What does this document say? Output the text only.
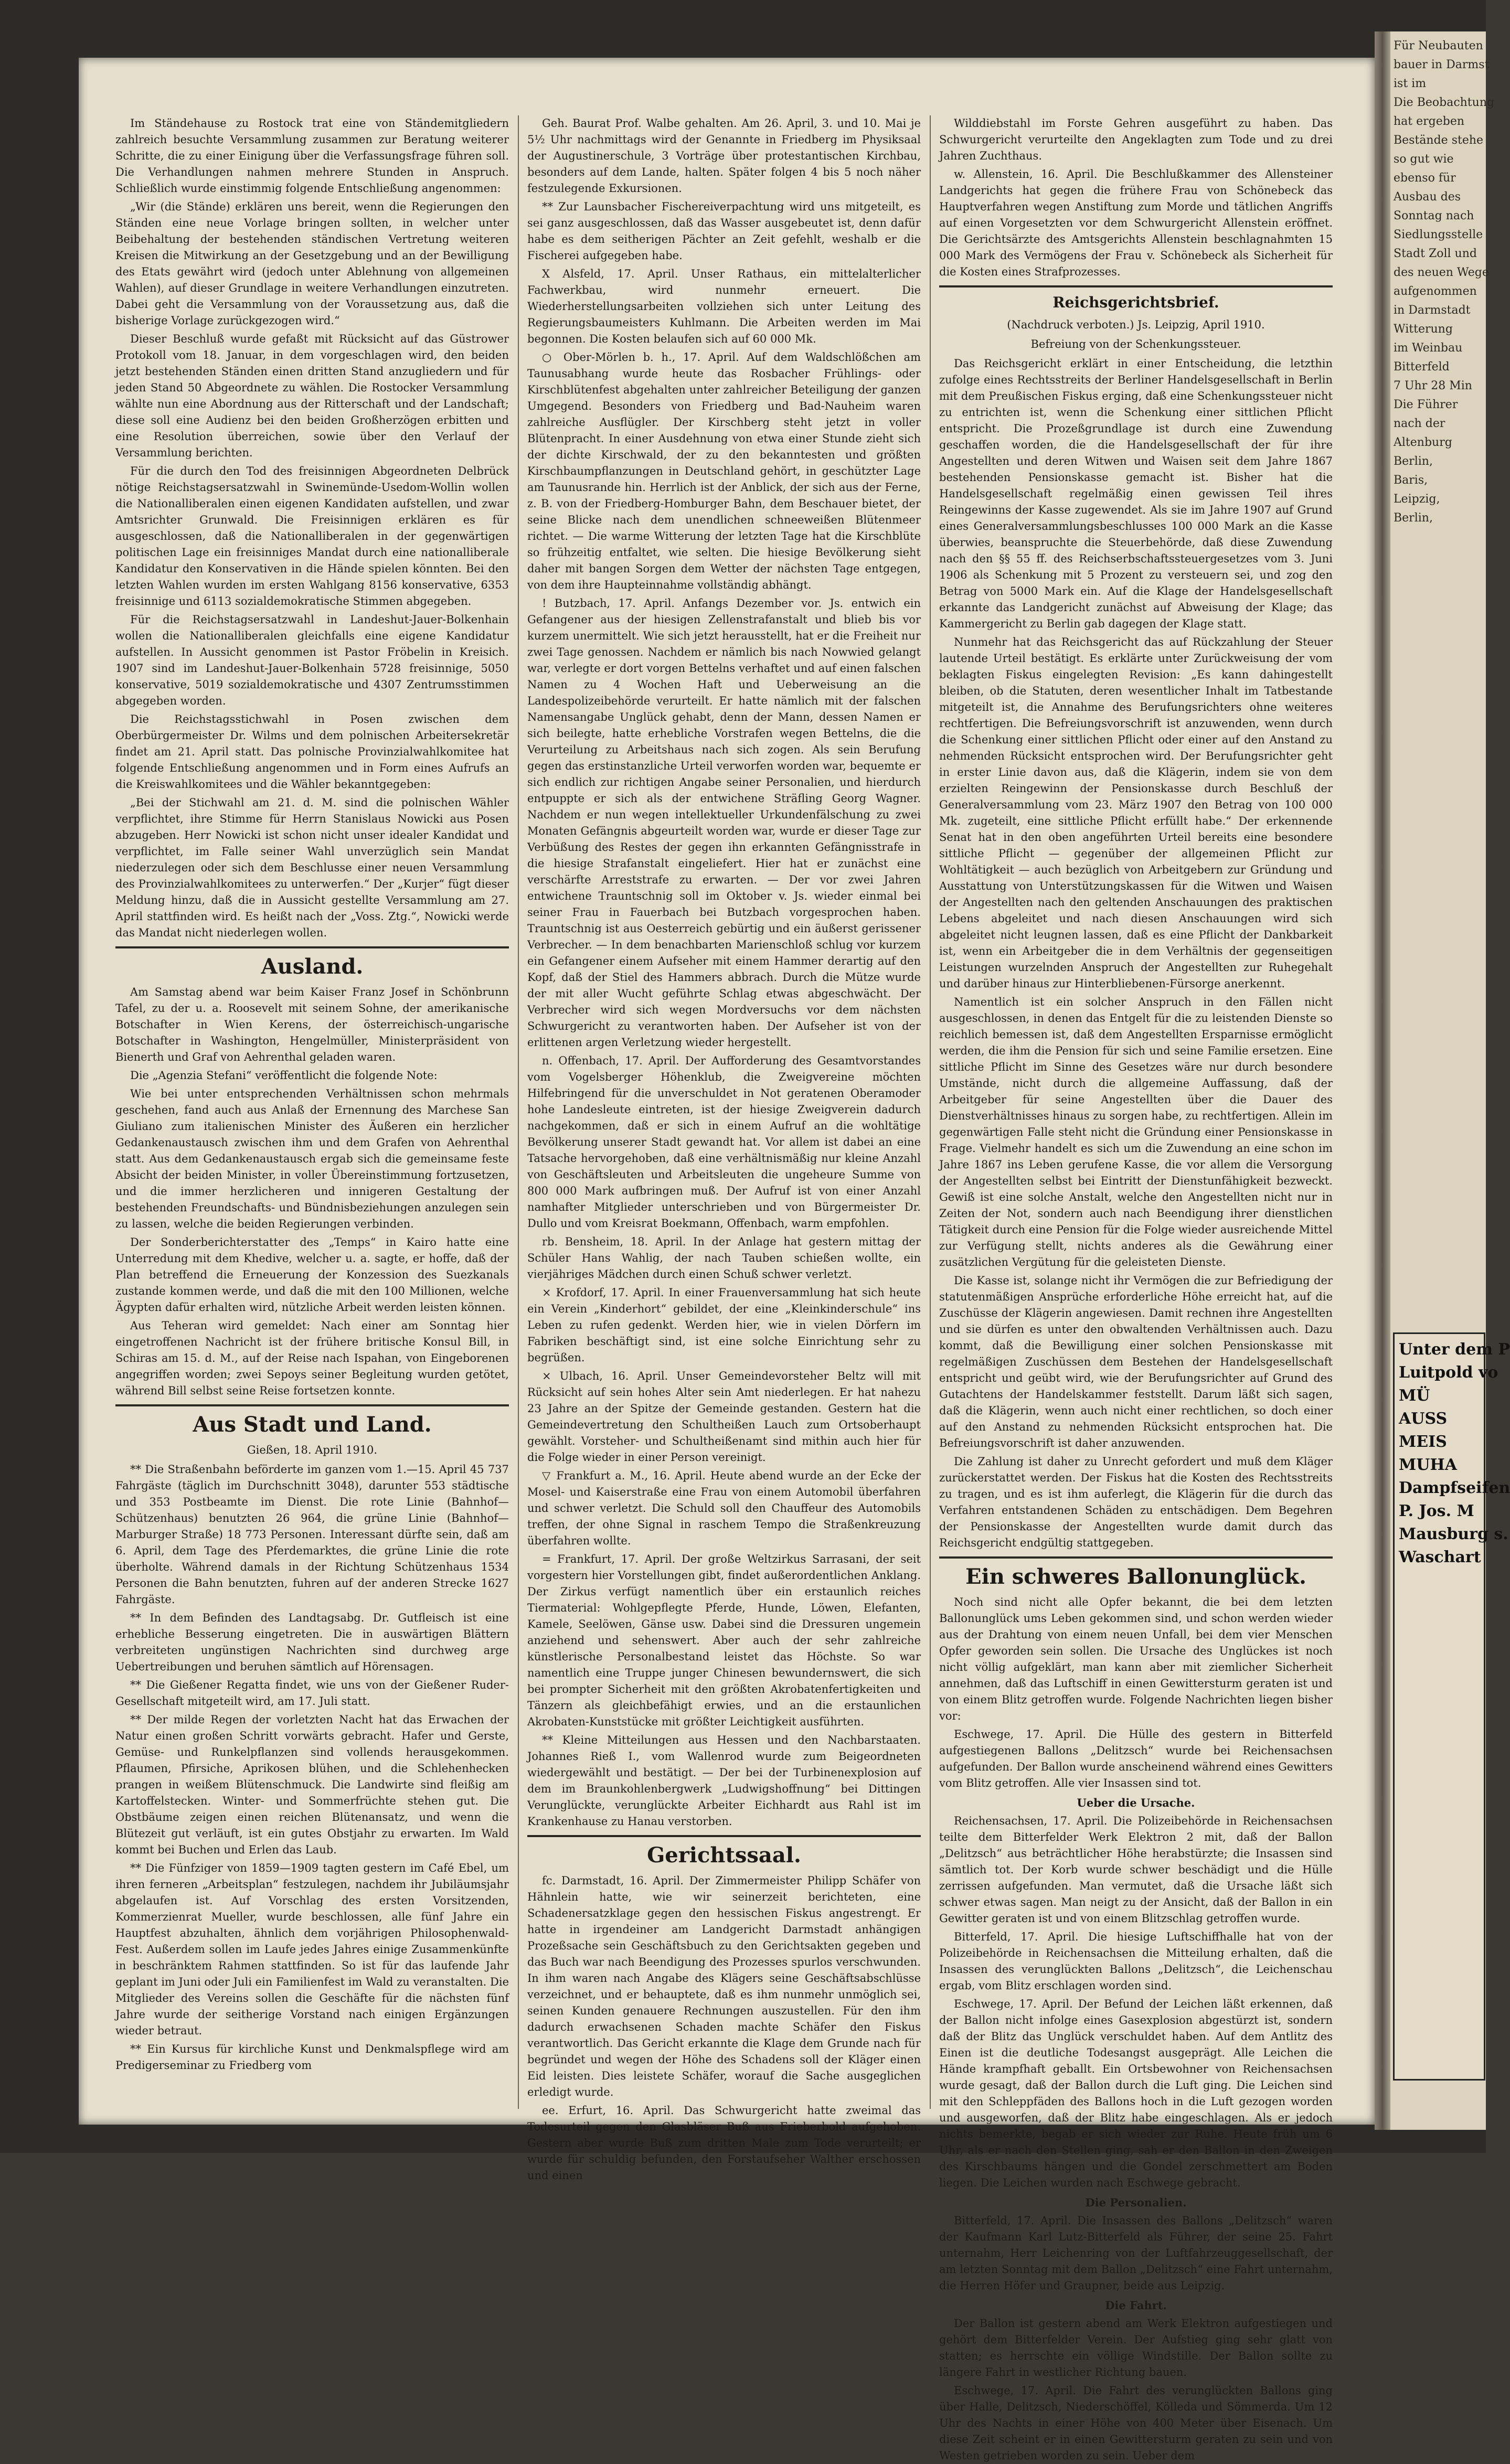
Im Ständehause zu Rostock trat eine von Ständemitgliedern zahlreich besuchte Versammlung zusammen zur Beratung weiterer Schritte, die zu einer Einigung über die Verfassungsfrage führen soll. Die Verhandlungen nahmen mehrere Stunden in Anspruch. Schließlich wurde einstimmig folgende Entschließung angenommen:

„Wir (die Stände) erklären uns bereit, wenn die Regierungen den Ständen eine neue Vorlage bringen sollten, in welcher unter Beibehaltung der bestehenden ständischen Vertretung weiteren Kreisen die Mitwirkung an der Gesetzgebung und an der Bewilligung des Etats gewährt wird (jedoch unter Ablehnung von allgemeinen Wahlen), auf dieser Grundlage in weitere Verhandlungen einzutreten. Dabei geht die Versammlung von der Voraussetzung aus, daß die bisherige Vorlage zurückgezogen wird.“

Dieser Beschluß wurde gefaßt mit Rücksicht auf das Güstrower Protokoll vom 18. Januar, in dem vorgeschlagen wird, den beiden jetzt bestehenden Ständen einen dritten Stand anzugliedern und für jeden Stand 50 Abgeordnete zu wählen. Die Rostocker Versammlung wählte nun eine Abordnung aus der Ritterschaft und der Landschaft; diese soll eine Audienz bei den beiden Großherzögen erbitten und eine Resolution überreichen, sowie über den Verlauf der Versammlung berichten.

Für die durch den Tod des freisinnigen Abgeordneten Delbrück nötige Reichstagsersatzwahl in Swinemünde-Usedom-Wollin wollen die Nationalliberalen einen eigenen Kandidaten aufstellen, und zwar Amtsrichter Grunwald. Die Freisinnigen erklären es für ausgeschlossen, daß die Nationalliberalen in der gegenwärtigen politischen Lage ein freisinniges Mandat durch eine nationalliberale Kandidatur den Konservativen in die Hände spielen könnten. Bei den letzten Wahlen wurden im ersten Wahlgang 8156 konservative, 6353 freisinnige und 6113 sozialdemokratische Stimmen abgegeben.

Für die Reichstagsersatzwahl in Landeshut-Jauer-Bolkenhain wollen die Nationalliberalen gleichfalls eine eigene Kandidatur aufstellen. In Aussicht genommen ist Pastor Fröbelin in Kreisich. 1907 sind im Landeshut-Jauer-Bolkenhain 5728 freisinnige, 5050 konservative, 5019 sozialdemokratische und 4307 Zentrumsstimmen abgegeben worden.

Die Reichstagsstichwahl in Posen zwischen dem Oberbürgermeister Dr. Wilms und dem polnischen Arbeitersekretär findet am 21. April statt. Das polnische Provinzialwahlkomitee hat folgende Entschließung angenommen und in Form eines Aufrufs an die Kreiswahlkomitees und die Wähler bekanntgegeben:

„Bei der Stichwahl am 21. d. M. sind die polnischen Wähler verpflichtet, ihre Stimme für Herrn Stanislaus Nowicki aus Posen abzugeben. Herr Nowicki ist schon nicht unser idealer Kandidat und verpflichtet, im Falle seiner Wahl unverzüglich sein Mandat niederzulegen oder sich dem Beschlusse einer neuen Versammlung des Provinzialwahlkomitees zu unterwerfen.“ Der „Kurjer“ fügt dieser Meldung hinzu, daß die in Aussicht gestellte Versammlung am 27. April stattfinden wird. Es heißt nach der „Voss. Ztg.“, Nowicki werde das Mandat nicht niederlegen wollen.

Ausland.

Am Samstag abend war beim Kaiser Franz Josef in Schönbrunn Tafel, zu der u. a. Roosevelt mit seinem Sohne, der amerikanische Botschafter in Wien Kerens, der österreichisch-ungarische Botschafter in Washington, Hengelmüller, Ministerpräsident von Bienerth und Graf von Aehrenthal geladen waren.

Die „Agenzia Stefani“ veröffentlicht die folgende Note:

Wie bei unter entsprechenden Verhältnissen schon mehrmals geschehen, fand auch aus Anlaß der Ernennung des Marchese San Giuliano zum italienischen Minister des Äußeren ein herzlicher Gedankenaustausch zwischen ihm und dem Grafen von Aehrenthal statt. Aus dem Gedankenaustausch ergab sich die gemeinsame feste Absicht der beiden Minister, in voller Übereinstimmung fortzusetzen, und die immer herzlicheren und innigeren Gestaltung der bestehenden Freundschafts- und Bündnisbeziehungen anzulegen sein zu lassen, welche die beiden Regierungen verbinden.

Der Sonderberichterstatter des „Temps“ in Kairo hatte eine Unterredung mit dem Khedive, welcher u. a. sagte, er hoffe, daß der Plan betreffend die Erneuerung der Konzession des Suezkanals zustande kommen werde, und daß die mit den 100 Millionen, welche Ägypten dafür erhalten wird, nützliche Arbeit werden leisten können.

Aus Teheran wird gemeldet: Nach einer am Sonntag hier eingetroffenen Nachricht ist der frühere britische Konsul Bill, in Schiras am 15. d. M., auf der Reise nach Ispahan, von Eingeborenen angegriffen worden; zwei Sepoys seiner Begleitung wurden getötet, während Bill selbst seine Reise fortsetzen konnte.

Aus Stadt und Land.
Gießen, 18. April 1910.

** Die Straßenbahn beförderte im ganzen vom 1.—15. April 45 737 Fahrgäste (täglich im Durchschnitt 3048), darunter 553 städtische und 353 Postbeamte im Dienst. Die rote Linie (Bahnhof—Schützenhaus) benutzten 26 964, die grüne Linie (Bahnhof—Marburger Straße) 18 773 Personen. Interessant dürfte sein, daß am 6. April, dem Tage des Pferdemarktes, die grüne Linie die rote überholte. Während damals in der Richtung Schützenhaus 1534 Personen die Bahn benutzten, fuhren auf der anderen Strecke 1627 Fahrgäste.

** In dem Befinden des Landtagsabg. Dr. Gutfleisch ist eine erhebliche Besserung eingetreten. Die in auswärtigen Blättern verbreiteten ungünstigen Nachrichten sind durchweg arge Uebertreibungen und beruhen sämtlich auf Hörensagen.

** Die Gießener Regatta findet, wie uns von der Gießener Ruder-Gesellschaft mitgeteilt wird, am 17. Juli statt.

** Der milde Regen der vorletzten Nacht hat das Erwachen der Natur einen großen Schritt vorwärts gebracht. Hafer und Gerste, Gemüse- und Runkelpflanzen sind vollends herausgekommen. Pflaumen, Pfirsiche, Aprikosen blühen, und die Schlehenhecken prangen in weißem Blütenschmuck. Die Landwirte sind fleißig am Kartoffelstecken. Winter- und Sommerfrüchte stehen gut. Die Obstbäume zeigen einen reichen Blütenansatz, und wenn die Blütezeit gut verläuft, ist ein gutes Obstjahr zu erwarten. Im Wald kommt bei Buchen und Erlen das Laub.

** Die Fünfziger von 1859—1909 tagten gestern im Café Ebel, um ihren ferneren „Arbeitsplan“ festzulegen, nachdem ihr Jubiläumsjahr abgelaufen ist. Auf Vorschlag des ersten Vorsitzenden, Kommerzienrat Mueller, wurde beschlossen, alle fünf Jahre ein Hauptfest abzuhalten, ähnlich dem vorjährigen Philosophenwald-Fest. Außerdem sollen im Laufe jedes Jahres einige Zusammenkünfte in beschränktem Rahmen stattfinden. So ist für das laufende Jahr geplant im Juni oder Juli ein Familienfest im Wald zu veranstalten. Die Mitglieder des Vereins sollen die Geschäfte für die nächsten fünf Jahre wurde der seitherige Vorstand nach einigen Ergänzungen wieder betraut.

** Ein Kursus für kirchliche Kunst und Denkmalspflege wird am Predigerseminar zu Friedberg vom

Geh. Baurat Prof. Walbe gehalten. Am 26. April, 3. und 10. Mai je 5½ Uhr nachmittags wird der Genannte in Friedberg im Physiksaal der Augustinerschule, 3 Vorträge über protestantischen Kirchbau, besonders auf dem Lande, halten. Später folgen 4 bis 5 noch näher festzulegende Exkursionen.

** Zur Launsbacher Fischereiverpachtung wird uns mitgeteilt, es sei ganz ausgeschlossen, daß das Wasser ausgebeutet ist, denn dafür habe es dem seitherigen Pächter an Zeit gefehlt, weshalb er die Fischerei aufgegeben habe.

X Alsfeld, 17. April. Unser Rathaus, ein mittelalterlicher Fachwerkbau, wird nunmehr erneuert. Die Wiederherstellungsarbeiten vollziehen sich unter Leitung des Regierungsbaumeisters Kuhlmann. Die Arbeiten werden im Mai begonnen. Die Kosten belaufen sich auf 60 000 Mk.

○ Ober-Mörlen b. h., 17. April. Auf dem Waldschlößchen am Taunusabhang wurde heute das Rosbacher Frühlings- oder Kirschblütenfest abgehalten unter zahlreicher Beteiligung der ganzen Umgegend. Besonders von Friedberg und Bad-Nauheim waren zahlreiche Ausflügler. Der Kirschberg steht jetzt in voller Blütenpracht. In einer Ausdehnung von etwa einer Stunde zieht sich der dichte Kirschwald, der zu den bekanntesten und größten Kirschbaumpflanzungen in Deutschland gehört, in geschützter Lage am Taunusrande hin. Herrlich ist der Anblick, der sich aus der Ferne, z. B. von der Friedberg-Homburger Bahn, dem Beschauer bietet, der seine Blicke nach dem unendlichen schneeweißen Blütenmeer richtet. — Die warme Witterung der letzten Tage hat die Kirschblüte so frühzeitig entfaltet, wie selten. Die hiesige Bevölkerung sieht daher mit bangen Sorgen dem Wetter der nächsten Tage entgegen, von dem ihre Haupteinnahme vollständig abhängt.

! Butzbach, 17. April. Anfangs Dezember vor. Js. entwich ein Gefangener aus der hiesigen Zellenstrafanstalt und blieb bis vor kurzem unermittelt. Wie sich jetzt herausstellt, hat er die Freiheit nur zwei Tage genossen. Nachdem er nämlich bis nach Nowwied gelangt war, verlegte er dort vorgen Bettelns verhaftet und auf einen falschen Namen zu 4 Wochen Haft und Ueberweisung an die Landespolizeibehörde verurteilt. Er hatte nämlich mit der falschen Namensangabe Unglück gehabt, denn der Mann, dessen Namen er sich beilegte, hatte erhebliche Vorstrafen wegen Bettelns, die die Verurteilung zu Arbeitshaus nach sich zogen. Als sein Berufung gegen das erstinstanzliche Urteil verworfen worden war, bequemte er sich endlich zur richtigen Angabe seiner Personalien, und hierdurch entpuppte er sich als der entwichene Sträfling Georg Wagner. Nachdem er nun wegen intellektueller Urkundenfälschung zu zwei Monaten Gefängnis abgeurteilt worden war, wurde er dieser Tage zur Verbüßung des Restes der gegen ihn erkannten Gefängnisstrafe in die hiesige Strafanstalt eingeliefert. Hier hat er zunächst eine verschärfte Arreststrafe zu erwarten. — Der vor zwei Jahren entwichene Trauntschnig soll im Oktober v. Js. wieder einmal bei seiner Frau in Fauerbach bei Butzbach vorgesprochen haben. Trauntschnig ist aus Oesterreich gebürtig und ein äußerst gerissener Verbrecher. — In dem benachbarten Marienschloß schlug vor kurzem ein Gefangener einem Aufseher mit einem Hammer derartig auf den Kopf, daß der Stiel des Hammers abbrach. Durch die Mütze wurde der mit aller Wucht geführte Schlag etwas abgeschwächt. Der Verbrecher wird sich wegen Mordversuchs vor dem nächsten Schwurgericht zu verantworten haben. Der Aufseher ist von der erlittenen argen Verletzung wieder hergestellt.

n. Offenbach, 17. April. Der Aufforderung des Gesamtvorstandes vom Vogelsberger Höhenklub, die Zweigvereine möchten Hilfebringend für die unverschuldet in Not geratenen Oberamoder hohe Landesleute eintreten, ist der hiesige Zweigverein dadurch nachgekommen, daß er sich in einem Aufruf an die wohltätige Bevölkerung unserer Stadt gewandt hat. Vor allem ist dabei an eine Tatsache hervorgehoben, daß eine verhältnismäßig nur kleine Anzahl von Geschäftsleuten und Arbeitsleuten die ungeheure Summe von 800 000 Mark aufbringen muß. Der Aufruf ist von einer Anzahl namhafter Mitglieder unterschrieben und von Bürgermeister Dr. Dullo und vom Kreisrat Boekmann, Offenbach, warm empfohlen.

rb. Bensheim, 18. April. In der Anlage hat gestern mittag der Schüler Hans Wahlig, der nach Tauben schießen wollte, ein vierjähriges Mädchen durch einen Schuß schwer verletzt.

× Krofdorf, 17. April. In einer Frauenversammlung hat sich heute ein Verein „Kinderhort“ gebildet, der eine „Kleinkinderschule“ ins Leben zu rufen gedenkt. Werden hier, wie in vielen Dörfern im Fabriken beschäftigt sind, ist eine solche Einrichtung sehr zu begrüßen.

× Ulbach, 16. April. Unser Gemeindevorsteher Beltz will mit Rücksicht auf sein hohes Alter sein Amt niederlegen. Er hat nahezu 23 Jahre an der Spitze der Gemeinde gestanden. Gestern hat die Gemeindevertretung den Schultheißen Lauch zum Ortsoberhaupt gewählt. Vorsteher- und Schultheißenamt sind mithin auch hier für die Folge wieder in einer Person vereinigt.

▽ Frankfurt a. M., 16. April. Heute abend wurde an der Ecke der Mosel- und Kaiserstraße eine Frau von einem Automobil überfahren und schwer verletzt. Die Schuld soll den Chauffeur des Automobils treffen, der ohne Signal in raschem Tempo die Straßenkreuzung überfahren wollte.

= Frankfurt, 17. April. Der große Weltzirkus Sarrasani, der seit vorgestern hier Vorstellungen gibt, findet außerordentlichen Anklang. Der Zirkus verfügt namentlich über ein erstaunlich reiches Tiermaterial: Wohlgepflegte Pferde, Hunde, Löwen, Elefanten, Kamele, Seelöwen, Gänse usw. Dabei sind die Dressuren ungemein anziehend und sehenswert. Aber auch der sehr zahlreiche künstlerische Personalbestand leistet das Höchste. So war namentlich eine Truppe junger Chinesen bewundernswert, die sich bei prompter Sicherheit mit den größten Akrobatenfertigkeiten und Tänzern als gleichbefähigt erwies, und an die erstaunlichen Akrobaten-Kunststücke mit größter Leichtigkeit ausführten.

** Kleine Mitteilungen aus Hessen und den Nachbarstaaten. Johannes Rieß I., vom Wallenrod wurde zum Beigeordneten wiedergewählt und bestätigt. — Der bei der Turbinenexplosion auf dem im Braunkohlenbergwerk „Ludwigshoffnung“ bei Dittingen Verunglückte, verunglückte Arbeiter Eichhardt aus Rahl ist im Krankenhause zu Hanau verstorben.

Gerichtssaal.

fc. Darmstadt, 16. April. Der Zimmermeister Philipp Schäfer von Hähnlein hatte, wie wir seinerzeit berichteten, eine Schadenersatzklage gegen den hessischen Fiskus angestrengt. Er hatte in irgendeiner am Landgericht Darmstadt anhängigen Prozeßsache sein Geschäftsbuch zu den Gerichtsakten gegeben und das Buch war nach Beendigung des Prozesses spurlos verschwunden. In ihm waren nach Angabe des Klägers seine Geschäftsabschlüsse verzeichnet, und er behauptete, daß es ihm nunmehr unmöglich sei, seinen Kunden genauere Rechnungen auszustellen. Für den ihm dadurch erwachsenen Schaden machte Schäfer den Fiskus verantwortlich. Das Gericht erkannte die Klage dem Grunde nach für begründet und wegen der Höhe des Schadens soll der Kläger einen Eid leisten. Dies leistete Schäfer, worauf die Sache ausgeglichen erledigt wurde.

ee. Erfurt, 16. April. Das Schwurgericht hatte zweimal das Todesurteil gegen den Glasbläser Buß aus Frieberbold aufgehoben. Gestern aber wurde Buß zum dritten Male zum Tode verurteilt; er wurde für schuldig befunden, den Forstaufseher Walther erschossen und einen

Wilddiebstahl im Forste Gehren ausgeführt zu haben. Das Schwurgericht verurteilte den Angeklagten zum Tode und zu drei Jahren Zuchthaus.

w. Allenstein, 16. April. Die Beschlußkammer des Allensteiner Landgerichts hat gegen die frühere Frau von Schönebeck das Hauptverfahren wegen Anstiftung zum Morde und tätlichen Angriffs auf einen Vorgesetzten vor dem Schwurgericht Allenstein eröffnet. Die Gerichtsärzte des Amtsgerichts Allenstein beschlagnahmten 15 000 Mark des Vermögens der Frau v. Schönebeck als Sicherheit für die Kosten eines Strafprozesses.

Reichsgerichtsbrief.
(Nachdruck verboten.) Js. Leipzig, April 1910.
Befreiung von der Schenkungssteuer.

Das Reichsgericht erklärt in einer Entscheidung, die letzthin zufolge eines Rechtsstreits der Berliner Handelsgesellschaft in Berlin mit dem Preußischen Fiskus erging, daß eine Schenkungssteuer nicht zu entrichten ist, wenn die Schenkung einer sittlichen Pflicht entspricht. Die Prozeßgrundlage ist durch eine Zuwendung geschaffen worden, die die Handelsgesellschaft der für ihre Angestellten und deren Witwen und Waisen seit dem Jahre 1867 bestehenden Pensionskasse gemacht ist. Bisher hat die Handelsgesellschaft regelmäßig einen gewissen Teil ihres Reingewinns der Kasse zugewendet. Als sie im Jahre 1907 auf Grund eines Generalversammlungsbeschlusses 100 000 Mark an die Kasse überwies, beanspruchte die Steuerbehörde, daß diese Zuwendung nach den §§ 55 ff. des Reichserbschaftssteuergesetzes vom 3. Juni 1906 als Schenkung mit 5 Prozent zu versteuern sei, und zog den Betrag von 5000 Mark ein. Auf die Klage der Handelsgesellschaft erkannte das Landgericht zunächst auf Abweisung der Klage; das Kammergericht zu Berlin gab dagegen der Klage statt.

Nunmehr hat das Reichsgericht das auf Rückzahlung der Steuer lautende Urteil bestätigt. Es erklärte unter Zurückweisung der vom beklagten Fiskus eingelegten Revision: „Es kann dahingestellt bleiben, ob die Statuten, deren wesentlicher Inhalt im Tatbestande mitgeteilt ist, die Annahme des Berufungsrichters ohne weiteres rechtfertigen. Die Befreiungsvorschrift ist anzuwenden, wenn durch die Schenkung einer sittlichen Pflicht oder einer auf den Anstand zu nehmenden Rücksicht entsprochen wird. Der Berufungsrichter geht in erster Linie davon aus, daß die Klägerin, indem sie von dem erzielten Reingewinn der Pensionskasse durch Beschluß der Generalversammlung vom 23. März 1907 den Betrag von 100 000 Mk. zugeteilt, eine sittliche Pflicht erfüllt habe.“ Der erkennende Senat hat in den oben angeführten Urteil bereits eine besondere sittliche Pflicht — gegenüber der allgemeinen Pflicht zur Wohltätigkeit — auch bezüglich von Arbeitgebern zur Gründung und Ausstattung von Unterstützungskassen für die Witwen und Waisen der Angestellten nach den geltenden Anschauungen des praktischen Lebens abgeleitet und nach diesen Anschauungen wird sich abgeleitet nicht leugnen lassen, daß es eine Pflicht der Dankbarkeit ist, wenn ein Arbeitgeber die in dem Verhältnis der gegenseitigen Leistungen wurzelnden Anspruch der Angestellten zur Ruhegehalt und darüber hinaus zur Hinterbliebenen-Fürsorge anerkennt.

Namentlich ist ein solcher Anspruch in den Fällen nicht ausgeschlossen, in denen das Entgelt für die zu leistenden Dienste so reichlich bemessen ist, daß dem Angestellten Ersparnisse ermöglicht werden, die ihm die Pension für sich und seine Familie ersetzen. Eine sittliche Pflicht im Sinne des Gesetzes wäre nur durch besondere Umstände, nicht durch die allgemeine Auffassung, daß der Arbeitgeber für seine Angestellten über die Dauer des Dienstverhältnisses hinaus zu sorgen habe, zu rechtfertigen. Allein im gegenwärtigen Falle steht nicht die Gründung einer Pensionskasse in Frage. Vielmehr handelt es sich um die Zuwendung an eine schon im Jahre 1867 ins Leben gerufene Kasse, die vor allem die Versorgung der Angestellten selbst bei Eintritt der Dienstunfähigkeit bezweckt. Gewiß ist eine solche Anstalt, welche den Angestellten nicht nur in Zeiten der Not, sondern auch nach Beendigung ihrer dienstlichen Tätigkeit durch eine Pension für die Folge wieder ausreichende Mittel zur Verfügung stellt, nichts anderes als die Gewährung einer zusätzlichen Vergütung für die geleisteten Dienste.

Die Kasse ist, solange nicht ihr Vermögen die zur Befriedigung der statutenmäßigen Ansprüche erforderliche Höhe erreicht hat, auf die Zuschüsse der Klägerin angewiesen. Damit rechnen ihre Angestellten und sie dürfen es unter den obwaltenden Verhältnissen auch. Dazu kommt, daß die Bewilligung einer solchen Pensionskasse mit regelmäßigen Zuschüssen dem Bestehen der Handelsgesellschaft entspricht und geübt wird, wie der Berufungsrichter auf Grund des Gutachtens der Handelskammer feststellt. Darum läßt sich sagen, daß die Klägerin, wenn auch nicht einer rechtlichen, so doch einer auf den Anstand zu nehmenden Rücksicht entsprochen hat. Die Befreiungsvorschrift ist daher anzuwenden.

Die Zahlung ist daher zu Unrecht gefordert und muß dem Kläger zurückerstattet werden. Der Fiskus hat die Kosten des Rechtsstreits zu tragen, und es ist ihm auferlegt, die Klägerin für die durch das Verfahren entstandenen Schäden zu entschädigen. Dem Begehren der Pensionskasse der Angestellten wurde damit durch das Reichsgericht endgültig stattgegeben.

Ein schweres Ballonunglück.

Noch sind nicht alle Opfer bekannt, die bei dem letzten Ballonunglück ums Leben gekommen sind, und schon werden wieder aus der Drahtung von einem neuen Unfall, bei dem vier Menschen Opfer geworden sein sollen. Die Ursache des Unglückes ist noch nicht völlig aufgeklärt, man kann aber mit ziemlicher Sicherheit annehmen, daß das Luftschiff in einen Gewittersturm geraten ist und von einem Blitz getroffen wurde. Folgende Nachrichten liegen bisher vor:

Eschwege, 17. April. Die Hülle des gestern in Bitterfeld aufgestiegenen Ballons „Delitzsch“ wurde bei Reichensachsen aufgefunden. Der Ballon wurde anscheinend während eines Gewitters vom Blitz getroffen. Alle vier Insassen sind tot.

Ueber die Ursache.

Reichensachsen, 17. April. Die Polizeibehörde in Reichensachsen teilte dem Bitterfelder Werk Elektron 2 mit, daß der Ballon „Delitzsch“ aus beträchtlicher Höhe herabstürzte; die Insassen sind sämtlich tot. Der Korb wurde schwer beschädigt und die Hülle zerrissen aufgefunden. Man vermutet, daß die Ursache läßt sich schwer etwas sagen. Man neigt zu der Ansicht, daß der Ballon in ein Gewitter geraten ist und von einem Blitzschlag getroffen wurde.

Bitterfeld, 17. April. Die hiesige Luftschiffhalle hat von der Polizeibehörde in Reichensachsen die Mitteilung erhalten, daß die Insassen des verunglückten Ballons „Delitzsch“, die Leichenschau ergab, vom Blitz erschlagen worden sind.

Eschwege, 17. April. Der Befund der Leichen läßt erkennen, daß der Ballon nicht infolge eines Gasexplosion abgestürzt ist, sondern daß der Blitz das Unglück verschuldet haben. Auf dem Antlitz des Einen ist die deutliche Todesangst ausgeprägt. Alle Leichen die Hände krampfhaft geballt. Ein Ortsbewohner von Reichensachsen wurde gesagt, daß der Ballon durch die Luft ging. Die Leichen sind mit den Schleppfäden des Ballons hoch in die Luft gezogen worden und ausgeworfen, daß der Blitz habe eingeschlagen. Als er jedoch nichts bemerkte, begab er sich wieder zur Ruhe. Heute früh um 6 Uhr, als er nach den Stellen ging, sah er den Ballon in den Zweigen des Kirschbaums hängen und die Gondel zerschmettert am Boden liegen. Die Leichen wurden nach Eschwege gebracht.

Die Personalien.

Bitterfeld, 17. April. Die Insassen des Ballons „Delitzsch“ waren der Kaufmann Karl Lutz-Bitterfeld als Führer, der seine 25. Fahrt unternahm, Herr Leichenring von der Luftfahrzeuggesellschaft, der am letzten Sonntag mit dem Ballon „Delitzsch“ eine Fahrt unternahm, die Herren Höfer und Graupner, beide aus Leipzig.

Die Fahrt.

Der Ballon ist gestern abend am Werk Elektron aufgestiegen und gehört dem Bitterfelder Verein. Der Aufstieg ging sehr glatt von statten; es herrschte ein völlige Windstille. Der Ballon sollte zu längere Fahrt in westlicher Richtung bauen.

Eschwege, 17. April. Die Fahrt des verunglückten Ballons ging über Halle, Delitzsch, Niederschöffel, Kölleda und Sömmerda. Um 12 Uhr des Nachts in einer Höhe von 400 Meter über Eisenach. Um diese Zeit scheint er in einen Gewittersturm geraten zu sein und von Westen getrieben worden zu sein. Ueber dem

Für Neubauten
bauer in Darmst
ist im
Die Beobachtung
hat ergeben
Bestände stehe
so gut wie
ebenso für
Ausbau des
Sonntag nach
Siedlungsstelle
Stadt Zoll und
des neuen Wege
aufgenommen
in Darmstadt
Witterung
im Weinbau
Bitterfeld
7 Uhr 28 Min
Die Führer
nach der
Altenburg
Berlin,
Baris,
Leipzig,
Berlin,
Unter dem P
Luitpold vo
MÜ
AUSS
MEIS
MUHA
Dampfseifen
P. Jos. M
Mausburg s.
Waschart
